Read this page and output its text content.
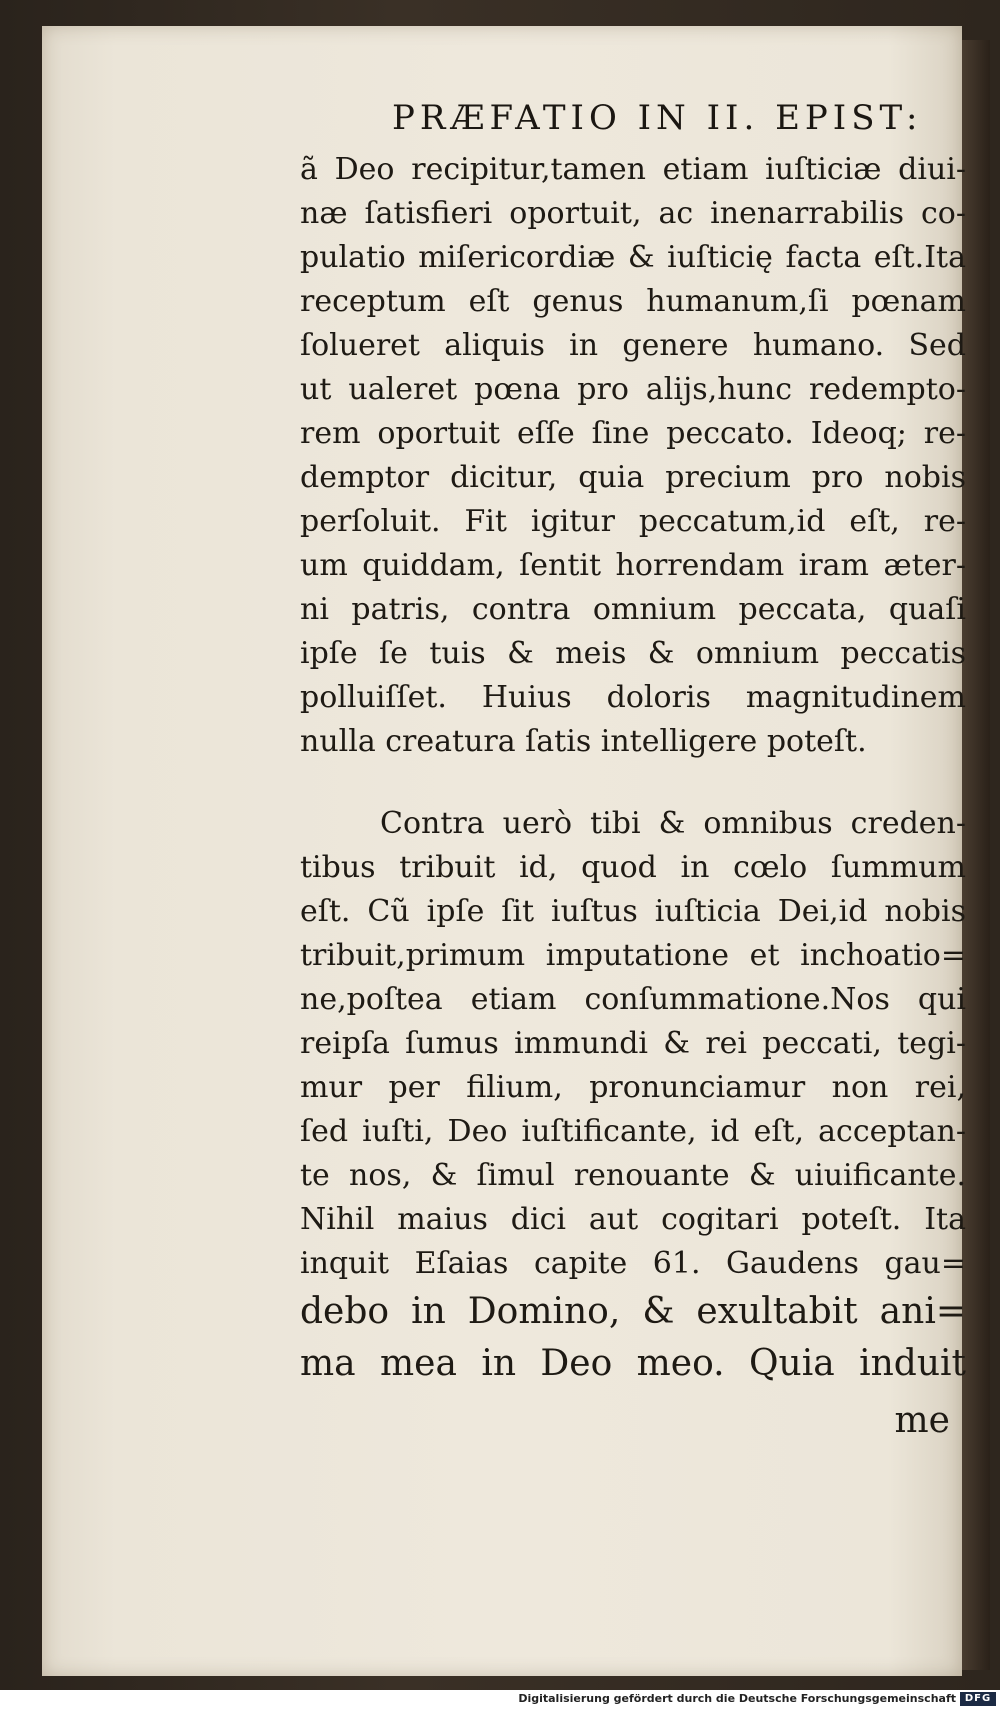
PRÆFATIO IN II. EPIST:
ã Deo recipitur,tamen etiam iuſticiæ diui-
næ ſatisfieri oportuit, ac inenarrabilis co-
pulatio miſericordiæ & iuſticię facta eſt.Ita
receptum eſt genus humanum,ſi pœnam
ſolueret aliquis in genere humano. Sed
ut ualeret pœna pro alijs,hunc redempto-
rem oportuit eſſe ſine peccato. Ideoq; re-
demptor dicitur, quia precium pro nobis
perſoluit. Fit igitur peccatum,id eſt, re-
um quiddam, ſentit horrendam iram æter-
ni patris, contra omnium peccata, quaſi
ipſe ſe tuis & meis & omnium peccatis
polluiſſet. Huius doloris magnitudinem
nulla creatura ſatis intelligere poteſt.
Contra uerò tibi & omnibus creden-
tibus tribuit id, quod in cœlo ſummum
eſt. Cũ ipſe ſit iuſtus iuſticia Dei,id nobis
tribuit,primum imputatione et inchoatio=
ne,poſtea etiam conſummatione.Nos qui
reipſa ſumus immundi & rei peccati, tegi-
mur per filium, pronunciamur non rei,
ſed iuſti, Deo iuſtificante, id eſt, acceptan-
te nos, & ſimul renouante & uiuificante.
Nihil maius dici aut cogitari poteſt. Ita
inquit Eſaias capite 61. Gaudens gau=
debo in Domino, & exultabit ani=
ma mea in Deo meo. Quia induit
me
Digitalisierung gefördert durch die Deutsche Forschungsgemeinschaft DFG
